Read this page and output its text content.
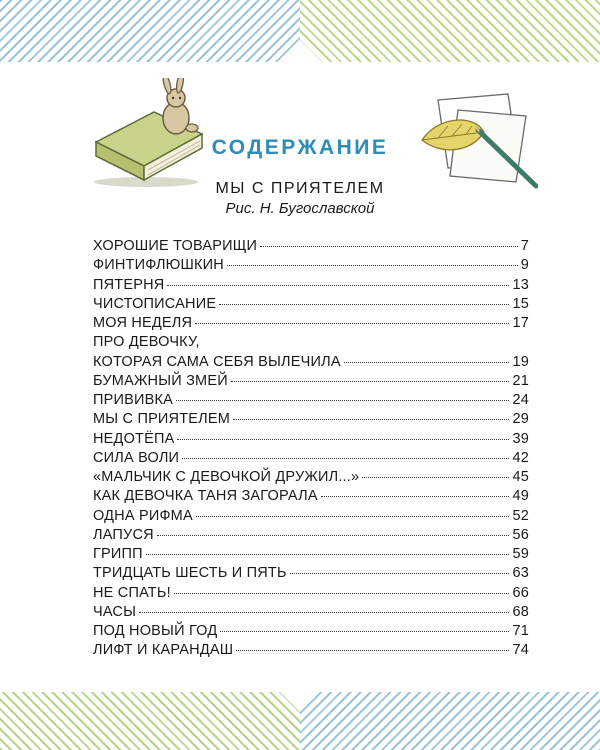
СОДЕРЖАНИЕ
МЫ С ПРИЯТЕЛЕМ
Рис. Н. Бугославской
ХОРОШИЕ ТОВАРИЩИ	7
ФИНТИФЛЮШКИН	9
ПЯТЕРНЯ	13
ЧИСТОПИСАНИЕ	15
МОЯ НЕДЕЛЯ	17
ПРО ДЕВОЧКУ,
КОТОРАЯ САМА СЕБЯ ВЫЛЕЧИЛА	19
БУМАЖНЫЙ ЗМЕЙ	21
ПРИВИВКА	24
МЫ С ПРИЯТЕЛЕМ	29
НЕДОТЁПА	39
СИЛА ВОЛИ	42
«МАЛЬЧИК С ДЕВОЧКОЙ ДРУЖИЛ...»	45
КАК ДЕВОЧКА ТАНЯ ЗАГОРАЛА	49
ОДНА РИФМА	52
ЛАПУСЯ	56
ГРИПП	59
ТРИДЦАТЬ ШЕСТЬ И ПЯТЬ	63
НЕ СПАТЬ!	66
ЧАСЫ	68
ПОД НОВЫЙ ГОД	71
ЛИФТ И КАРАНДАШ	74
